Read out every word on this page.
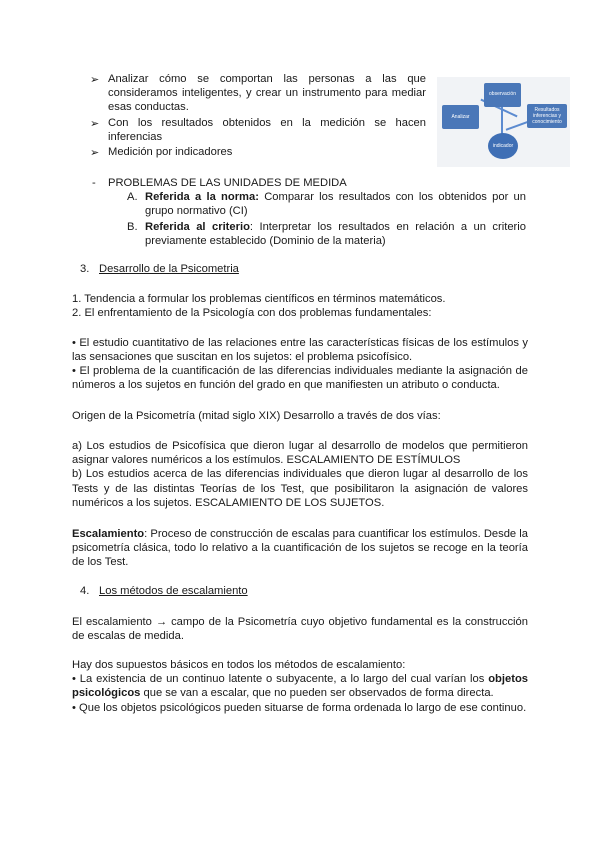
➢ Analizar cómo se comportan las personas a las que
consideramos inteligentes, y crear un instrumento para mediar
esas conductas.
➢ Con los resultados obtenidos en la medición se hacen
inferencias
➢ Medición por indicadores
observación
Analizar
Resultados inferencias y conocimiento
indicador
- PROBLEMAS DE LAS UNIDADES DE MEDIDA
A. Referida a la norma: Comparar los resultados con los obtenidos por un
grupo normativo (CI)
B. Referida al criterio: Interpretar los resultados en relación a un criterio
previamente establecido (Dominio de la materia)
3. Desarrollo de la Psicometria
1. Tendencia a formular los problemas científicos en términos matemáticos.
2. El enfrentamiento de la Psicología con dos problemas fundamentales:
• El estudio cuantitativo de las relaciones entre las características físicas de los estímulos y
las sensaciones que suscitan en los sujetos: el problema psicofísico.
• El problema de la cuantificación de las diferencias individuales mediante la asignación de
números a los sujetos en función del grado en que manifiesten un atributo o conducta.
Origen de la Psicometría (mitad siglo XIX) Desarrollo a través de dos vías:
a) Los estudios de Psicofísica que dieron lugar al desarrollo de modelos que permitieron
asignar valores numéricos a los estímulos. ESCALAMIENTO DE ESTÍMULOS
b) Los estudios acerca de las diferencias individuales que dieron lugar al desarrollo de los
Tests y de las distintas Teorías de los Test, que posibilitaron la asignación de valores
numéricos a los sujetos. ESCALAMIENTO DE LOS SUJETOS.
Escalamiento: Proceso de construcción de escalas para cuantificar los estímulos. Desde la
psicometría clásica, todo lo relativo a la cuantificación de los sujetos se recoge en la teoría
de los Test.
4. Los métodos de escalamiento
El escalamiento → campo de la Psicometría cuyo objetivo fundamental es la construcción
de escalas de medida.
Hay dos supuestos básicos en todos los métodos de escalamiento:
• La existencia de un continuo latente o subyacente, a lo largo del cual varían los objetos
psicológicos que se van a escalar, que no pueden ser observados de forma directa.
• Que los objetos psicológicos pueden situarse de forma ordenada lo largo de ese continuo.
